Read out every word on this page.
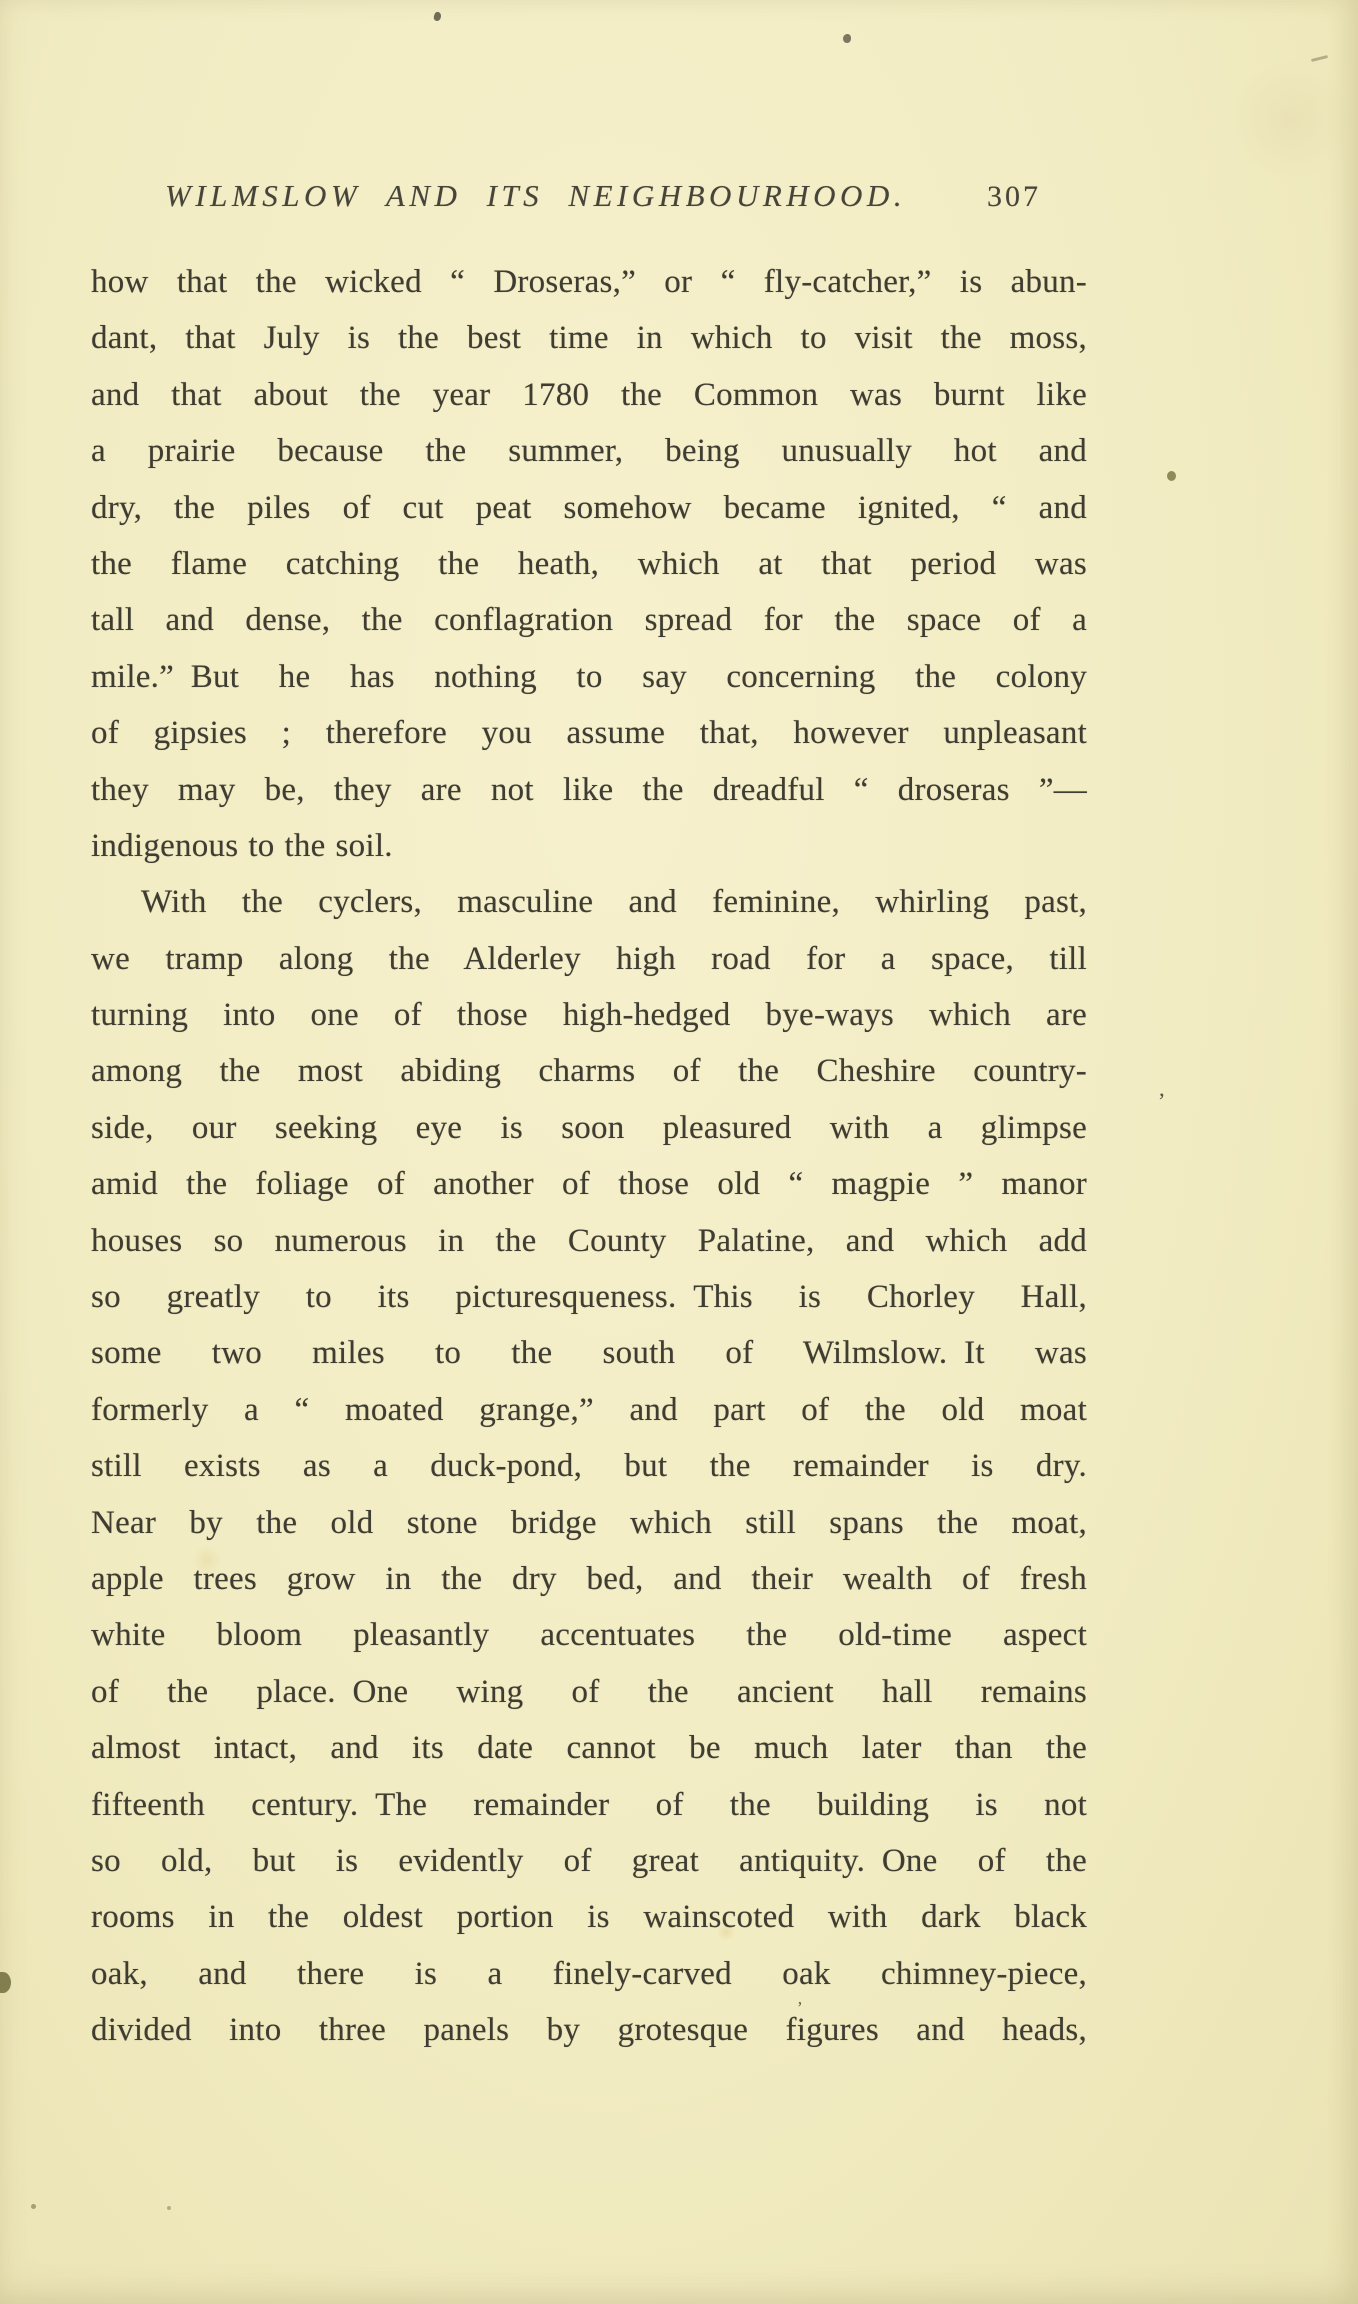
WILMSLOW AND ITS NEIGHBOURHOOD.	307
how that the wicked “ Droseras,” or “ fly-catcher,” is abun-
dant, that July is the best time in which to visit the moss,
and that about the year 1780 the Common was burnt like
a prairie because the summer, being unusually hot and
dry, the piles of cut peat somehow became ignited, “ and
the flame catching the heath, which at that period was
tall and dense, the conflagration spread for the space of a
mile.” But he has nothing to say concerning the colony
of gipsies ; therefore you assume that, however unpleasant
they may be, they are not like the dreadful “ droseras ”—
indigenous to the soil.
With the cyclers, masculine and feminine, whirling past,
we tramp along the Alderley high road for a space, till
turning into one of those high-hedged bye-ways which are
among the most abiding charms of the Cheshire country-
side, our seeking eye is soon pleasured with a glimpse
amid the foliage of another of those old “ magpie ” manor
houses so numerous in the County Palatine, and which add
so greatly to its picturesqueness. This is Chorley Hall,
some two miles to the south of Wilmslow. It was
formerly a “ moated grange,” and part of the old moat
still exists as a duck-pond, but the remainder is dry.
Near by the old stone bridge which still spans the moat,
apple trees grow in the dry bed, and their wealth of fresh
white bloom pleasantly accentuates the old-time aspect
of the place. One wing of the ancient hall remains
almost intact, and its date cannot be much later than the
fifteenth century. The remainder of the building is not
so old, but is evidently of great antiquity. One of the
rooms in the oldest portion is wainscoted with dark black
oak, and there is a finely-carved oak chimney-piece,
divided into three panels by grotesque figures and heads,
’
’
